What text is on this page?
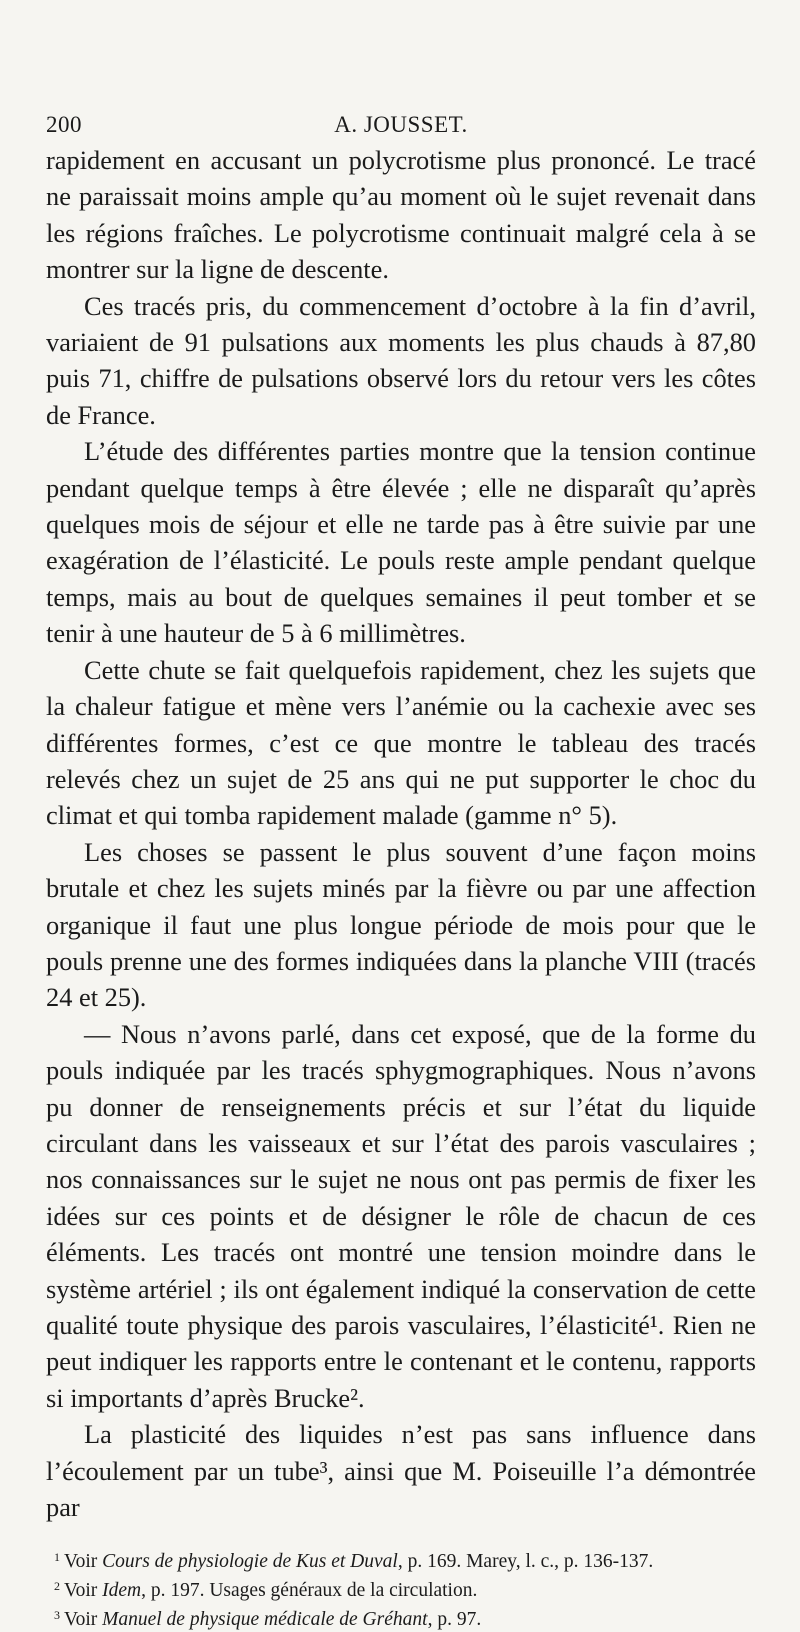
200	A. JOUSSET.

rapidement en accusant un polycrotisme plus prononcé. Le tracé ne paraissait moins ample qu’au moment où le sujet revenait dans les régions fraîches. Le polycrotisme continuait malgré cela à se montrer sur la ligne de descente.

Ces tracés pris, du commencement d’octobre à la fin d’avril, variaient de 91 pulsations aux moments les plus chauds à 87,80 puis 71, chiffre de pulsations observé lors du retour vers les côtes de France.

L’étude des différentes parties montre que la tension continue pendant quelque temps à être élevée ; elle ne disparaît qu’après quelques mois de séjour et elle ne tarde pas à être suivie par une exagération de l’élasticité. Le pouls reste ample pendant quelque temps, mais au bout de quelques semaines il peut tomber et se tenir à une hauteur de 5 à 6 millimètres.

Cette chute se fait quelquefois rapidement, chez les sujets que la chaleur fatigue et mène vers l’anémie ou la cachexie avec ses différentes formes, c’est ce que montre le tableau des tracés relevés chez un sujet de 25 ans qui ne put supporter le choc du climat et qui tomba rapidement malade (gamme n° 5).

Les choses se passent le plus souvent d’une façon moins brutale et chez les sujets minés par la fièvre ou par une affection organique il faut une plus longue période de mois pour que le pouls prenne une des formes indiquées dans la planche VIII (tracés 24 et 25).

— Nous n’avons parlé, dans cet exposé, que de la forme du pouls indiquée par les tracés sphygmographiques. Nous n’avons pu donner de renseignements précis et sur l’état du liquide circulant dans les vaisseaux et sur l’état des parois vasculaires ; nos connaissances sur le sujet ne nous ont pas permis de fixer les idées sur ces points et de désigner le rôle de chacun de ces éléments. Les tracés ont montré une tension moindre dans le système artériel ; ils ont également indiqué la conservation de cette qualité toute physique des parois vasculaires, l’élasticité¹. Rien ne peut indiquer les rapports entre le contenant et le contenu, rapports si importants d’après Brucke².

La plasticité des liquides n’est pas sans influence dans l’écoulement par un tube³, ainsi que M. Poiseuille l’a démontrée par

$^1$ Voir Cours de physiologie de Kus et Duval, p. 169. Marey, l. c., p. 136-137.

$^2$ Voir Idem, p. 197. Usages généraux de la circulation.

$^3$ Voir Manuel de physique médicale de Gréhant, p. 97.
